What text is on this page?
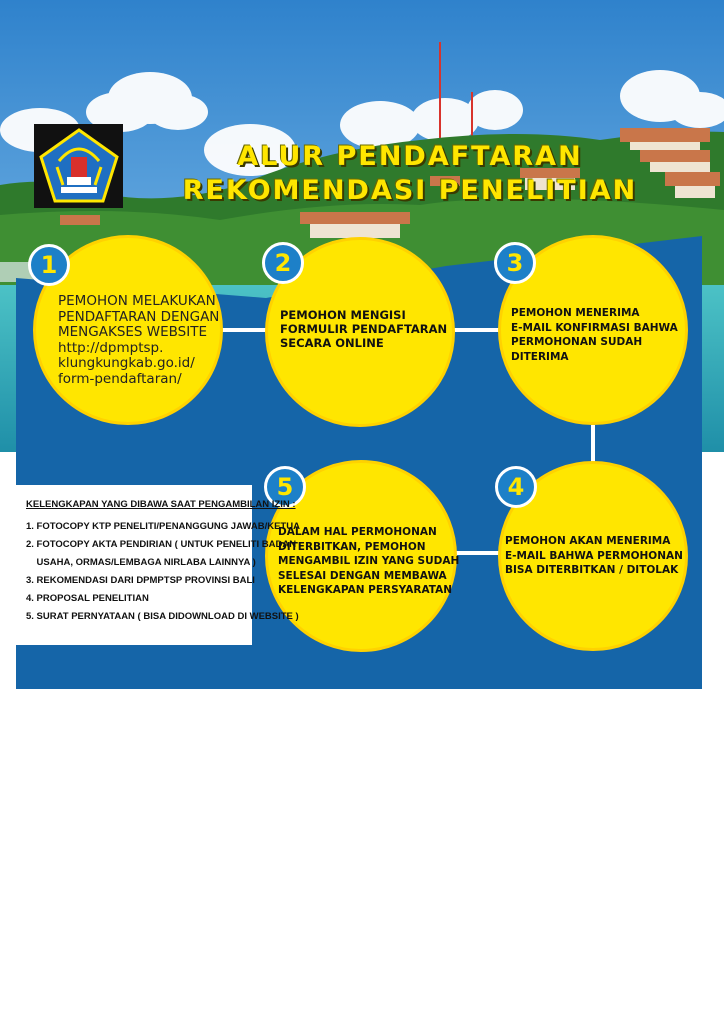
ALUR PENDAFTARAN
REKOMENDASI PENELITIAN
PEMOHON MELAKUKAN
PENDAFTARAN DENGAN
MENGAKSES WEBSITE
http://dpmptsp.
klungkungkab.go.id/
form-pendaftaran/
PEMOHON MENGISI
FORMULIR PENDAFTARAN
SECARA ONLINE
PEMOHON MENERIMA
E-MAIL KONFIRMASI BAHWA
PERMOHONAN SUDAH
DITERIMA
PEMOHON AKAN MENERIMA
E-MAIL BAHWA PERMOHONAN
BISA DITERBITKAN / DITOLAK
DALAM HAL PERMOHONAN
DITERBITKAN, PEMOHON
MENGAMBIL IZIN YANG SUDAH
SELESAI DENGAN MEMBAWA
KELENGKAPAN PERSYARATAN
1	2	3
4
5
KELENGKAPAN YANG DIBAWA SAAT PENGAMBILAN IZIN :
1. FOTOCOPY KTP PENELITI/PENANGGUNG JAWAB/KETUA
2. FOTOCOPY AKTA PENDIRIAN ( UNTUK PENELITI BADAN
USAHA, ORMAS/LEMBAGA NIRLABA LAINNYA )
3. REKOMENDASI DARI DPMPTSP PROVINSI BALI
4. PROPOSAL PENELITIAN
5. SURAT PERNYATAAN ( BISA DIDOWNLOAD DI WEBSITE )
